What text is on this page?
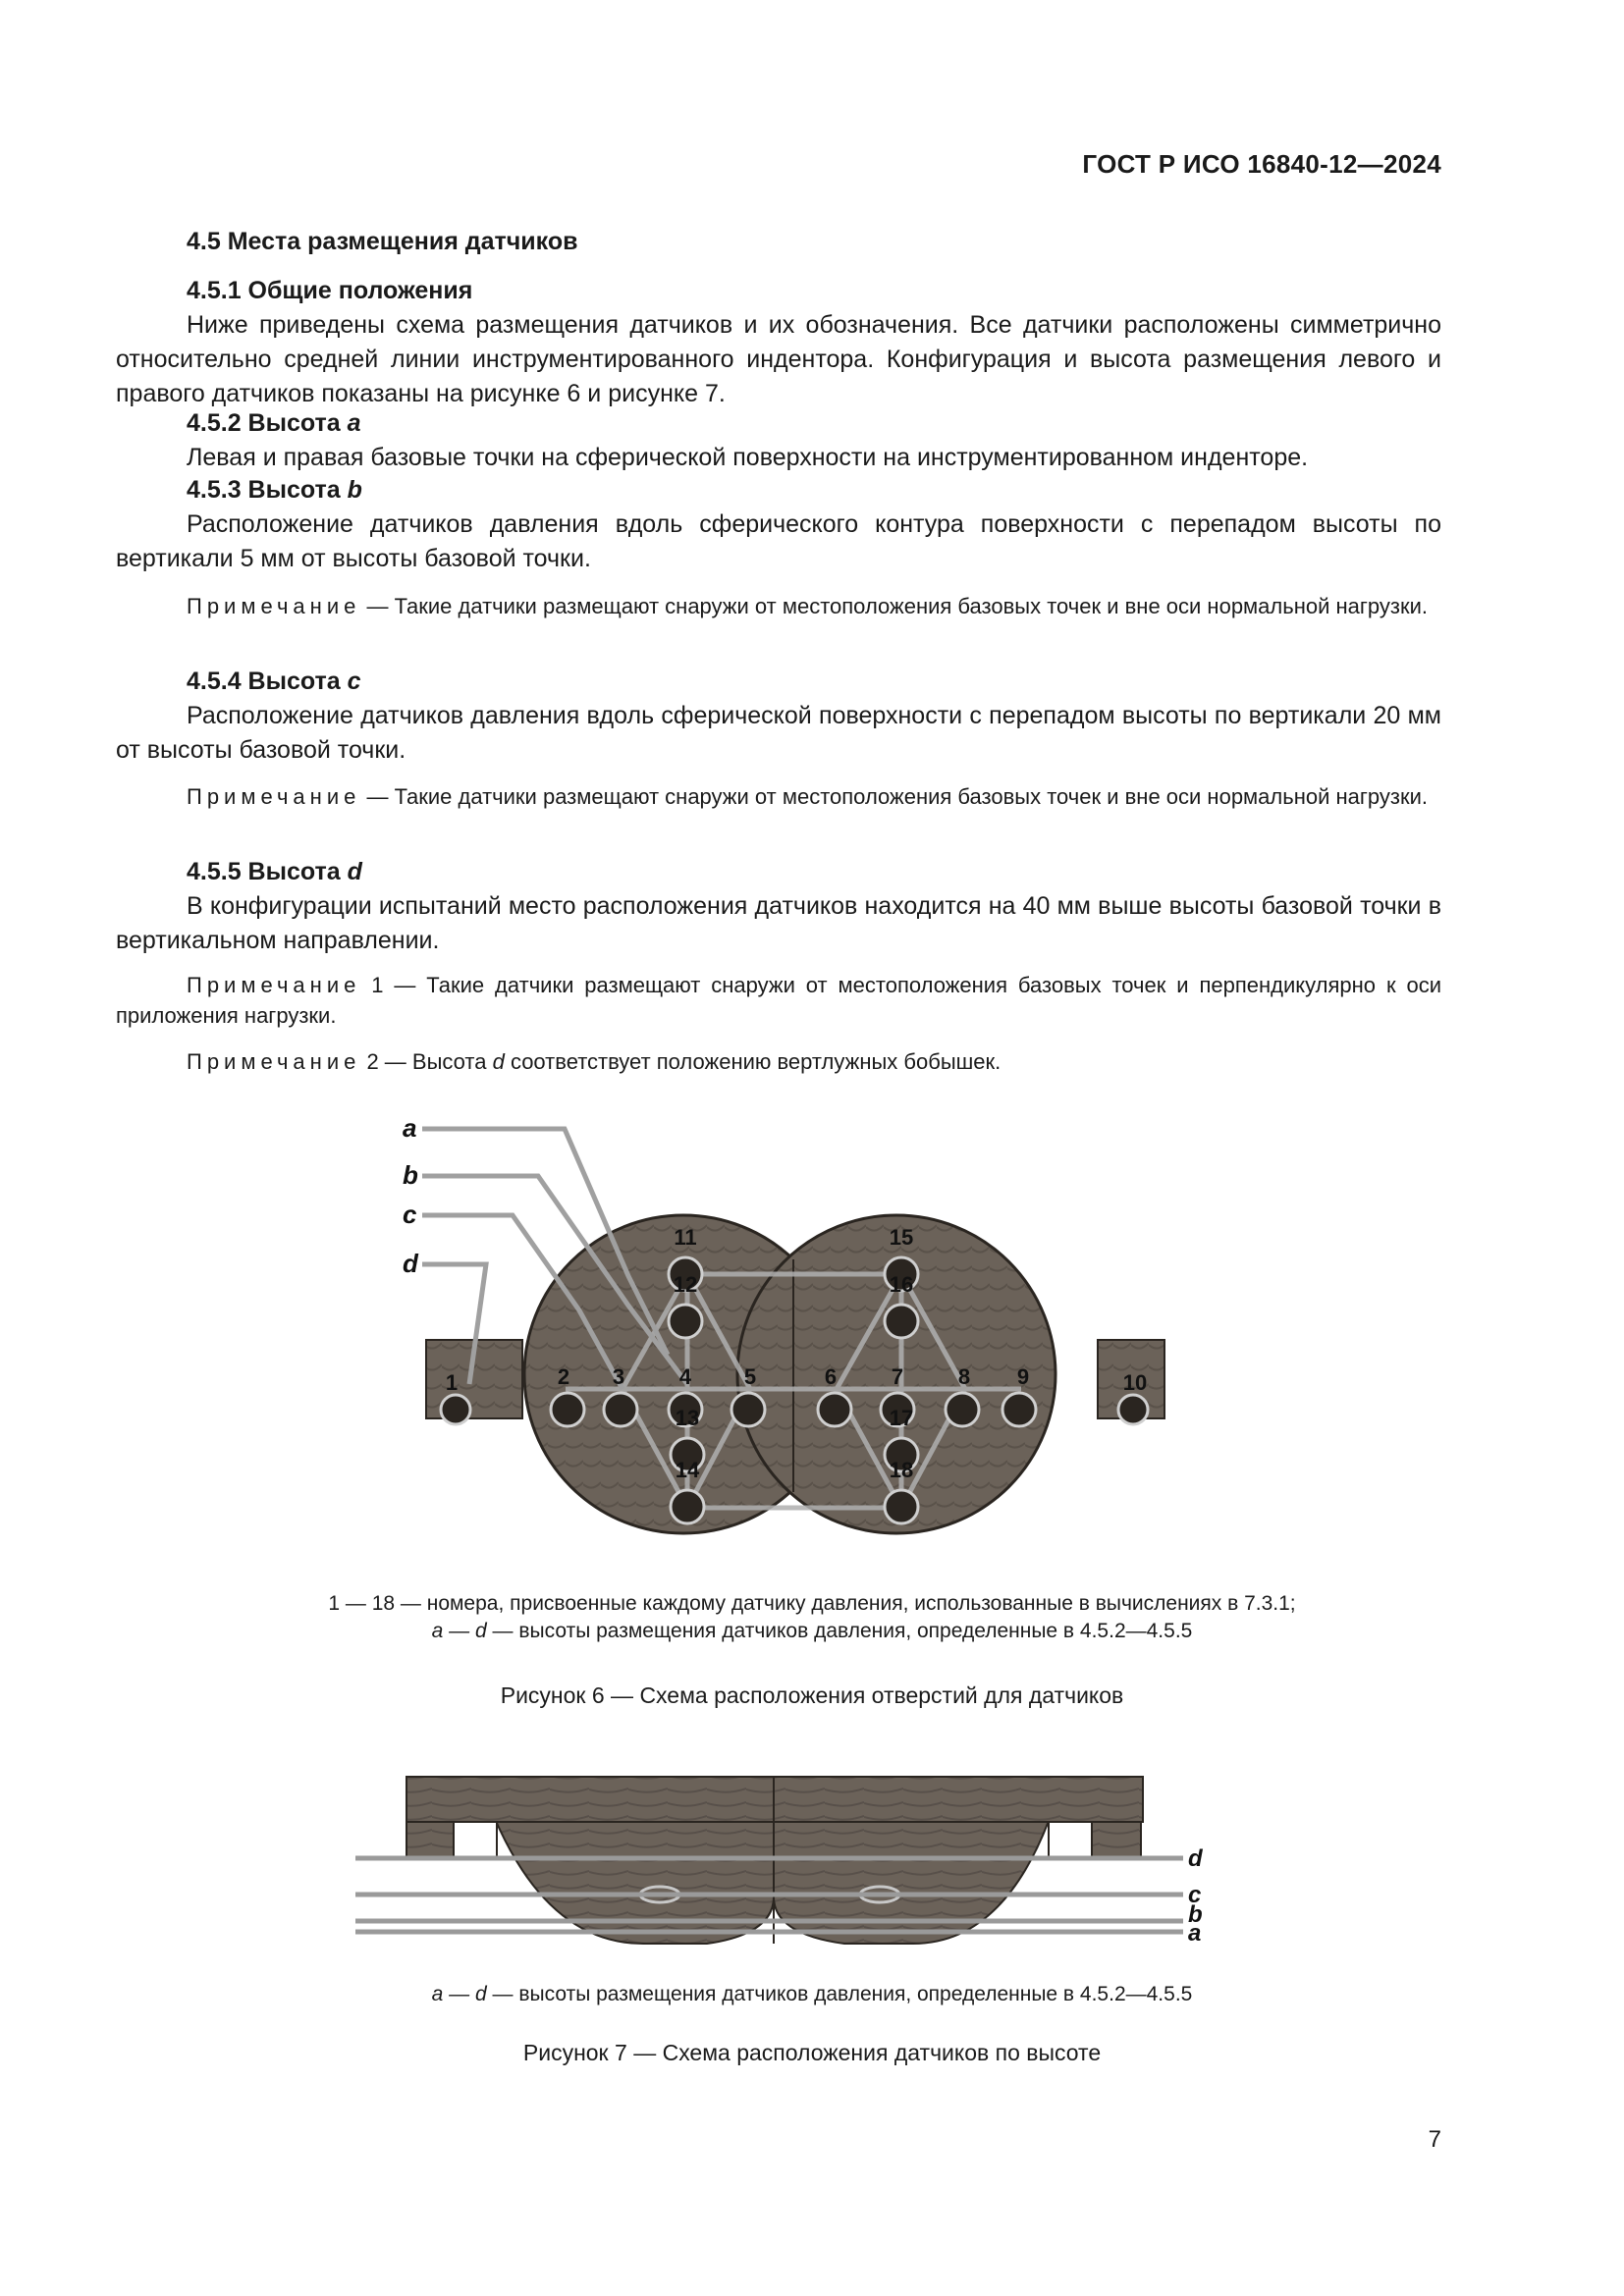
ГОСТ Р ИСО 16840-12—2024
4.5 Места размещения датчиков
4.5.1 Общие положения
Ниже приведены схема размещения датчиков и их обозначения. Все датчики расположены симметрично относительно средней линии инструментированного индентора. Конфигурация и высота размещения левого и правого датчиков показаны на рисунке 6 и рисунке 7.
4.5.2 Высота a
Левая и правая базовые точки на сферической поверхности на инструментированном инденторе.
4.5.3 Высота b
Расположение датчиков давления вдоль сферического контура поверхности с перепадом высоты по вертикали 5 мм от высоты базовой точки.
Примечание — Такие датчики размещают снаружи от местоположения базовых точек и вне оси нормальной нагрузки.
4.5.4 Высота c
Расположение датчиков давления вдоль сферической поверхности с перепадом высоты по вертикали 20 мм от высоты базовой точки.
Примечание — Такие датчики размещают снаружи от местоположения базовых точек и вне оси нормальной нагрузки.
4.5.5 Высота d
В конфигурации испытаний место расположения датчиков находится на 40 мм выше высоты базовой точки в вертикальном направлении.
Примечание 1 — Такие датчики размещают снаружи от местоположения базовых точек и перпендикулярно к оси приложения нагрузки.
Примечание 2 — Высота d соответствует положению вертлужных бобышек.
1	2 3	4 5	6	7	8 9	10
11
12
13
14
15
16
17
18
a
b
c
d
1 — 18 — номера, присвоенные каждому датчику давления, использованные в вычислениях в 7.3.1;
a — d — высоты размещения датчиков давления, определенные в 4.5.2—4.5.5
Рисунок 6 — Схема расположения отверстий для датчиков
d
c
b
a
a — d — высоты размещения датчиков давления, определенные в 4.5.2—4.5.5
Рисунок 7 — Схема расположения датчиков по высоте
7
